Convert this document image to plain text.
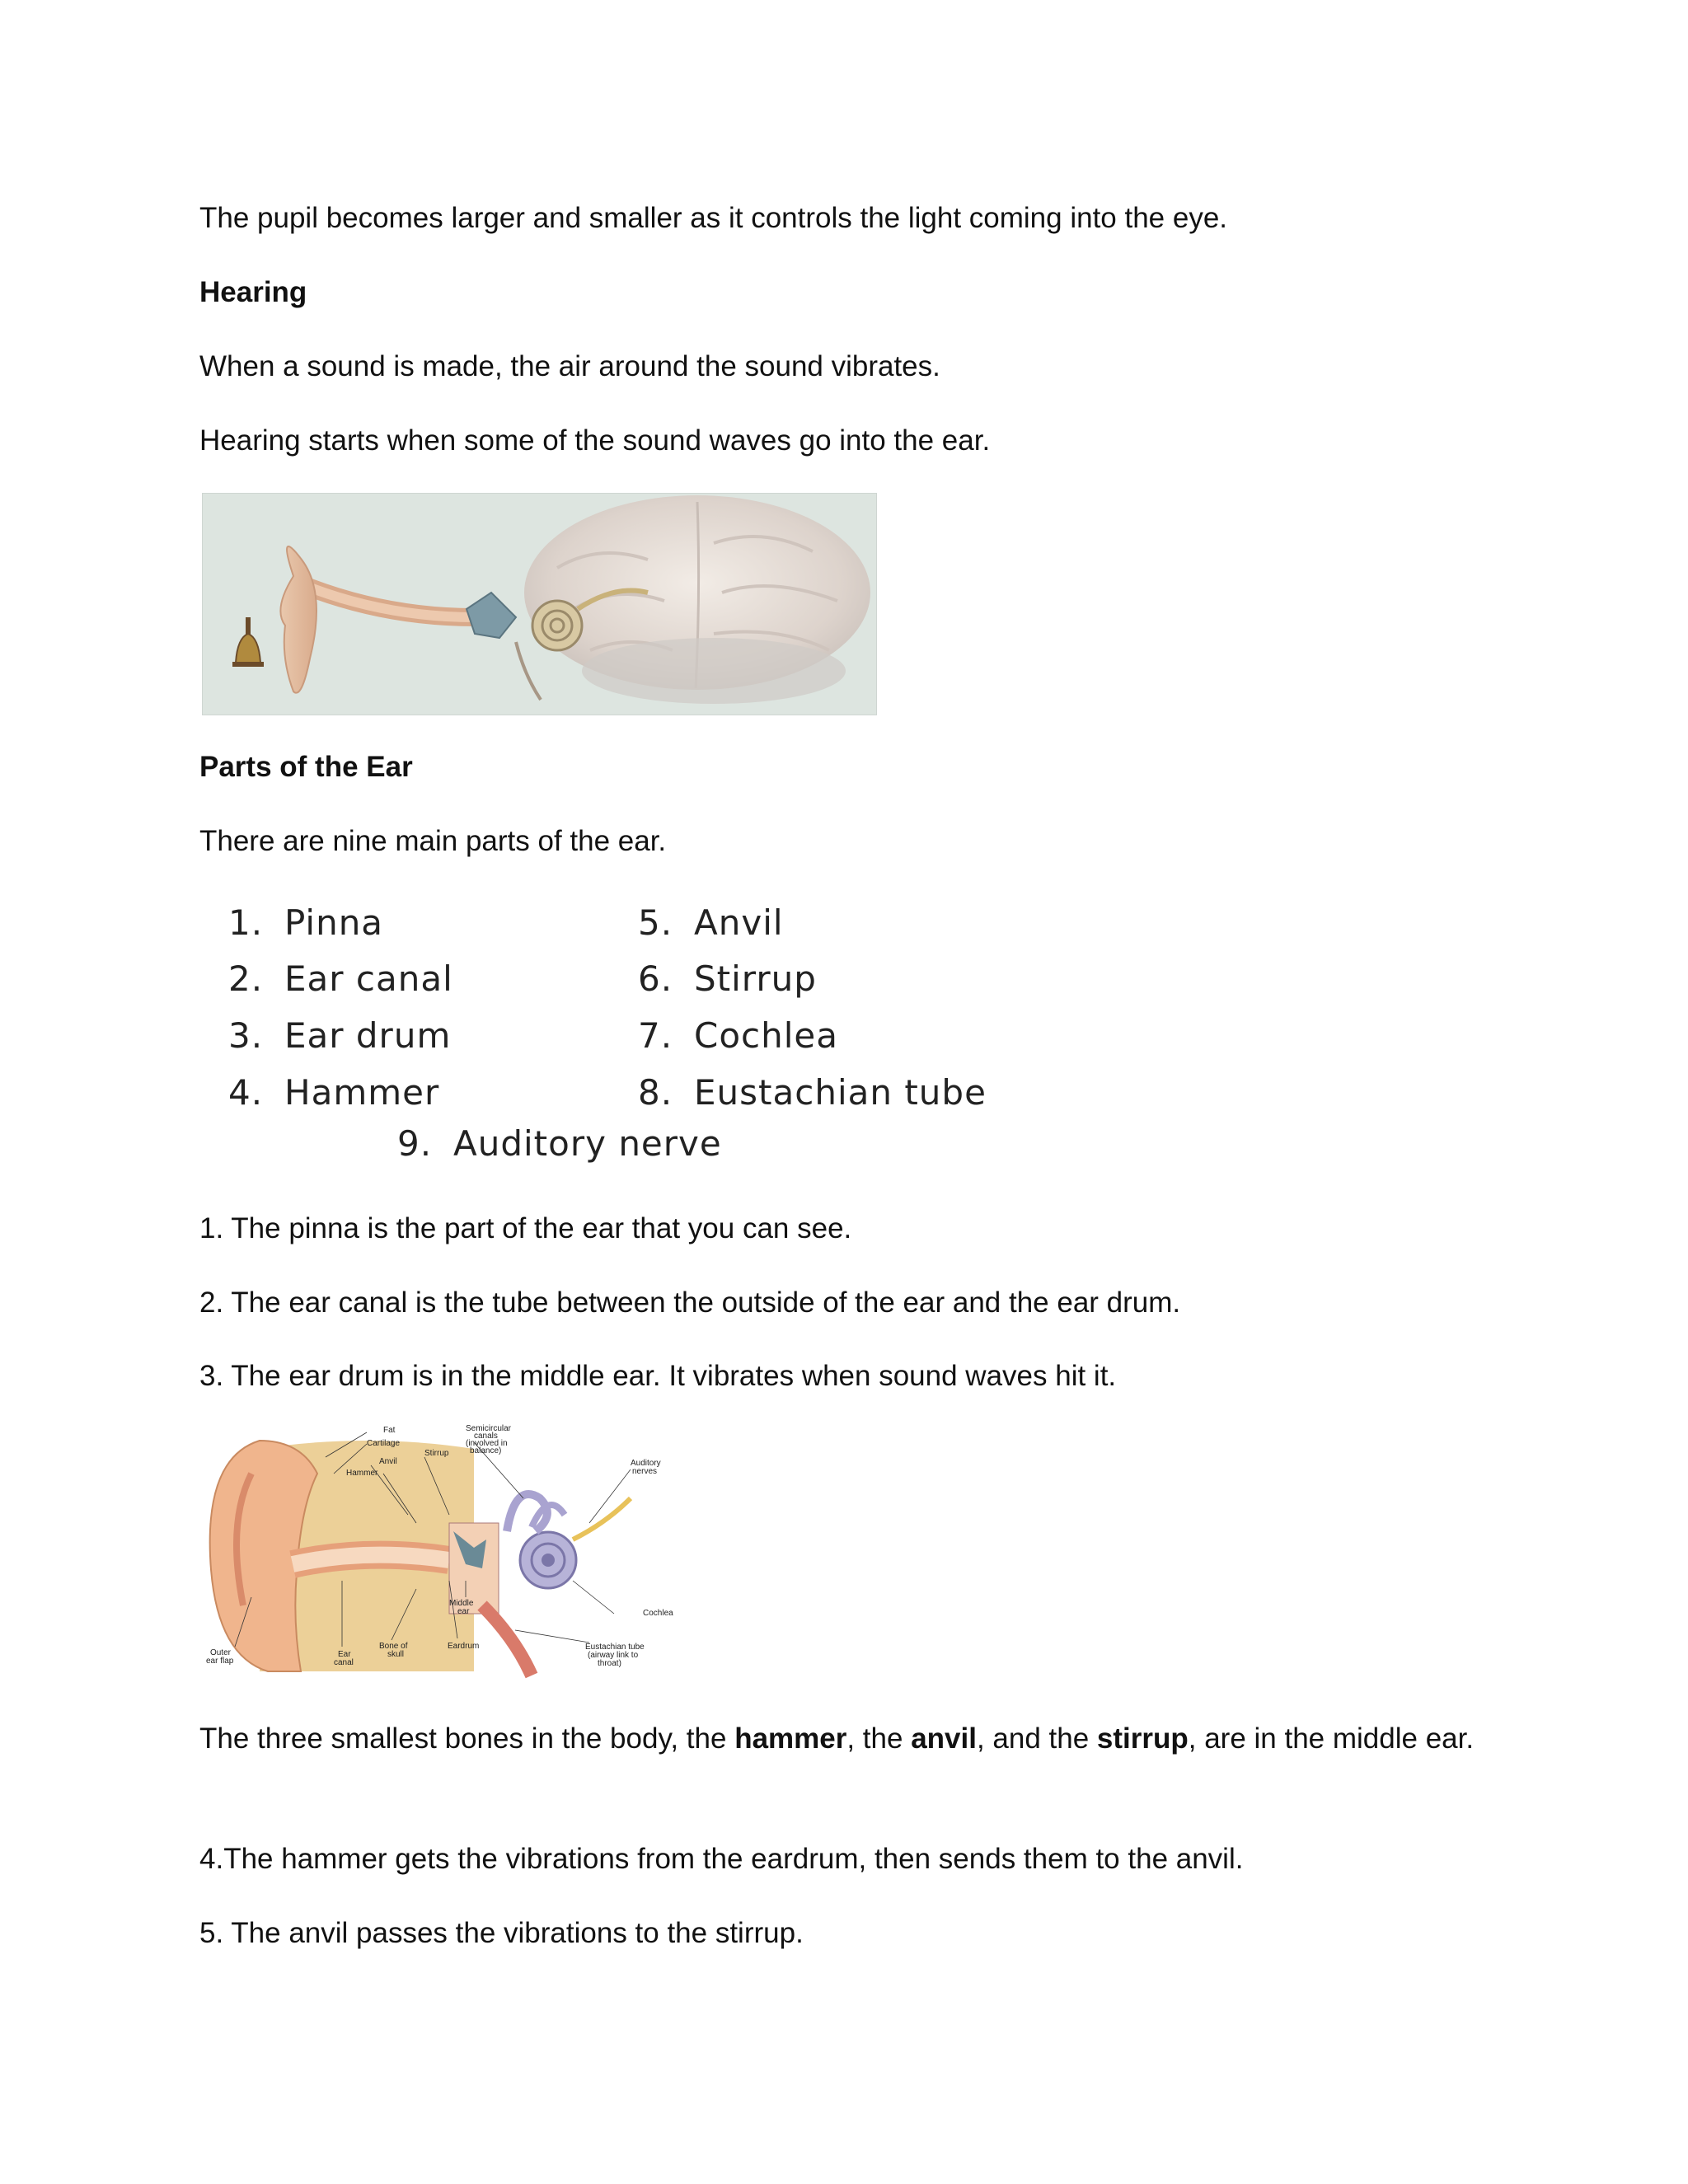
The pupil becomes larger and smaller as it controls the light coming into the eye.

Hearing

When a sound is made, the air around the sound vibrates.

Hearing starts when some of the sound waves go into the ear.

Parts of the Ear

There are nine main parts of the ear.

1. Pinna
2. Ear canal
3. Ear drum
4. Hammer
5. Anvil
6. Stirrup
7. Cochlea
8. Eustachian tube
9. Auditory nerve

1. The pinna is the part of the ear that you can see.

2. The ear canal is the tube between the outside of the ear and the ear drum.

3. The ear drum is in the middle ear. It vibrates when sound waves hit it.

Fat
Cartilage
Anvil
Hammer
Stirrup
Semicircular
canals
(involved in
balance)
Auditory
nerves
Middle
ear	Cochlea
Outer
ear flap
Ear
canal
Bone of
skull
Eardrum	Eustachian tube
(airway link to
throat)

The three smallest bones in the body, the hammer, the anvil, and the stirrup, are in the middle ear.

4.The hammer gets the vibrations from the eardrum, then sends them to the anvil.

5. The anvil passes the vibrations to the stirrup.
